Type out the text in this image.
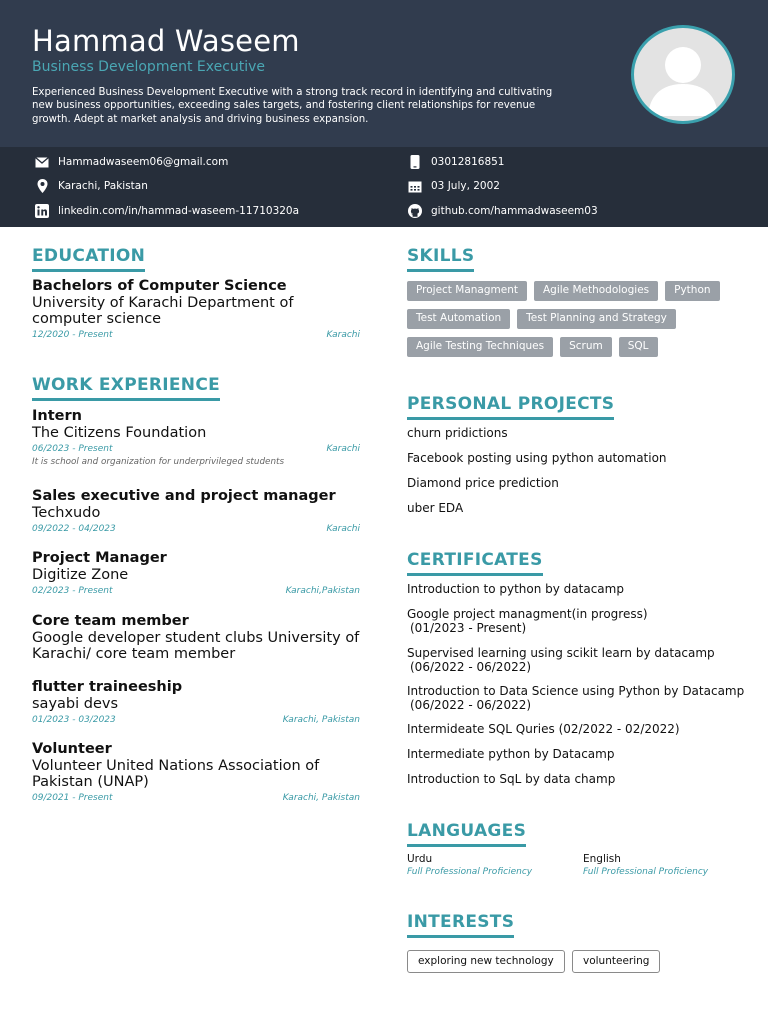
Hammad Waseem
Business Development Executive
Experienced Business Development Executive with a strong track record in identifying and cultivating new business opportunities, exceeding sales targets, and fostering client relationships for revenue growth. Adept at market analysis and driving business expansion.
Hammadwaseem06@gmail.com
Karachi, Pakistan
linkedin.com/in/hammad-waseem-11710320a
03012816851
03 July, 2002
github.com/hammadwaseem03
EDUCATION
Bachelors of Computer Science
University of Karachi Department of computer science
12/2020 - Present	Karachi
WORK EXPERIENCE
Intern
The Citizens Foundation
06/2023 - Present	Karachi
It is school and organization for underprivileged students
Sales executive and project manager
Techxudo
09/2022 - 04/2023	Karachi
Project Manager
Digitize Zone
02/2023 - Present	Karachi,Pakistan
Core team member
Google developer student clubs University of Karachi/ core team member
flutter traineeship
sayabi devs
01/2023 - 03/2023	Karachi, Pakistan
Volunteer
Volunteer United Nations Association of Pakistan (UNAP)
09/2021 - Present	Karachi, Pakistan
SKILLS
Project Managment	Agile Methodologies	Python
Test Automation	Test Planning and Strategy
Agile Testing Techniques	Scrum	SQL
PERSONAL PROJECTS
churn pridictions
Facebook posting using python automation
Diamond price prediction
uber EDA
CERTIFICATES
Introduction to python by datacamp
Google project managment(in progress)
(01/2023 - Present)
Supervised learning using scikit learn by datacamp
(06/2022 - 06/2022)
Introduction to Data Science using Python by Datacamp
(06/2022 - 06/2022)
Intermideate SQL Quries (02/2022 - 02/2022)
Intermediate python by Datacamp
Introduction to SqL by data champ
LANGUAGES
Urdu
Full Professional Proficiency
English
Full Professional Proficiency
INTERESTS
exploring new technology	volunteering
